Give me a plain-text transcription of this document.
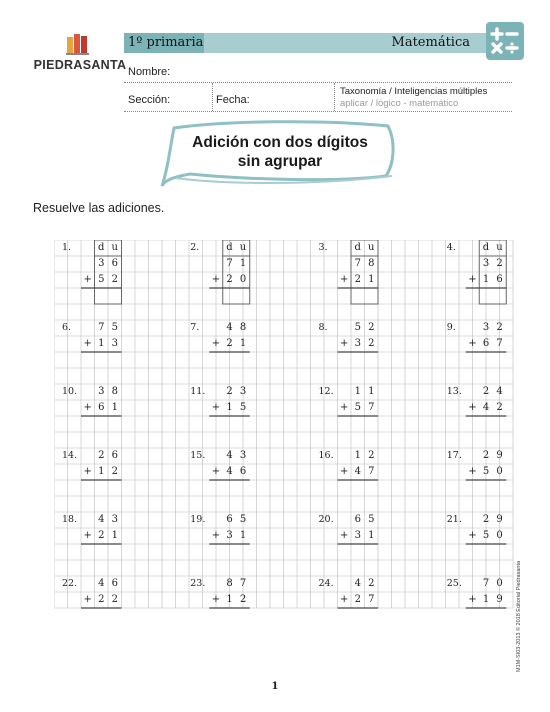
PIEDRASANTA
1º primaria	Matemática
Nombre:
Sección:	Fecha:
Taxonomía / Inteligencias múltiples
aplicar / lógico - matemático
Adición con dos dígitos
sin agrupar
Resuelve las adiciones.
1.	d u
3 6
+ 5 2
2.	d u
7 1
+ 2 0
3.	d u
7 8
+ 2 1
4.	d u
3 2
+ 1 6
6.	7 5
+ 1 3
7.	4 8
+ 2 1
8.	5 2
+ 3 2
9.	3 2
+ 6 7
10.	3 8
+ 6 1
11.	2 3
+ 1 5
12.	1 1
+ 5 7
13.	2 4
+ 4 2
14.	2 6
+ 1 2
15.	4 3
+ 4 6
16.	1 2
+ 4 7
17.	2 9
+ 5 0
18.	4 3
+ 2 1
19.	6 5
+ 3 1
20.	6 5
+ 3 1
21.	2 9
+ 5 0
22.	4 6
+ 2 2
23.	8 7
+ 1 2
24.	4 2
+ 2 7
25.	7 0
+ 1 9	M1M-SI03-2013 © 2018 Editorial Piedrasanta
1
